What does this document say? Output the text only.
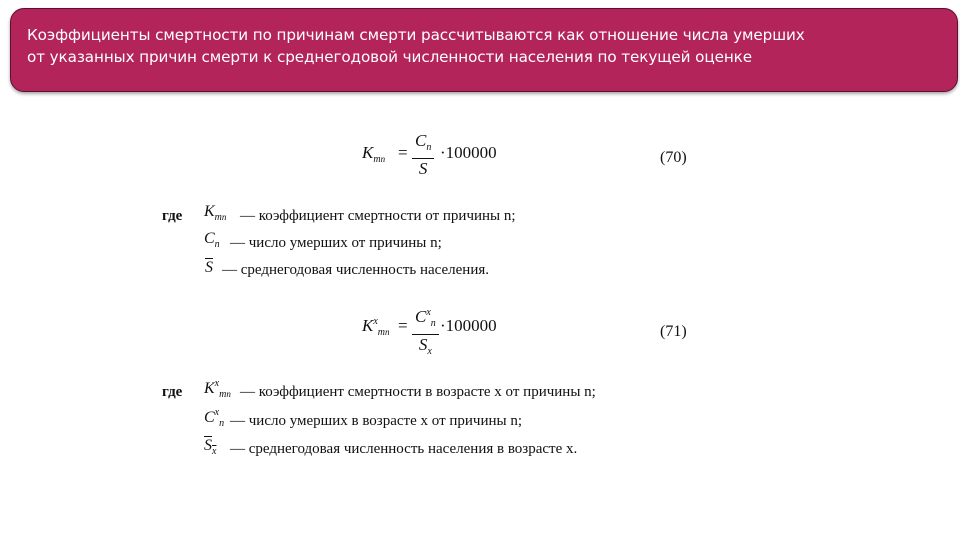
Коэффициенты смертности по причинам смерти рассчитываются как отношение числа умерших
от указанных причин смерти к среднегодовой численности населения по текущей оценке
$K_{mn} = \frac{C_n}{S} \cdot 100000$	(70)
где $K_{mn}$ — коэффициент смертности от причины n;
$C_n$ — число умерших от причины n;
$\overline{S}$ — среднегодовая численность населения.
$K^x_{mn} = C^x_n$
$S_x$
·100000	(71)
где $K^x_{mn}$ — коэффициент смертности в возрасте x от причины n;
$C^x_n$ — число умерших в возрасте x от причины n;
$S_x$ — среднегодовая численность населения в возрасте x.
